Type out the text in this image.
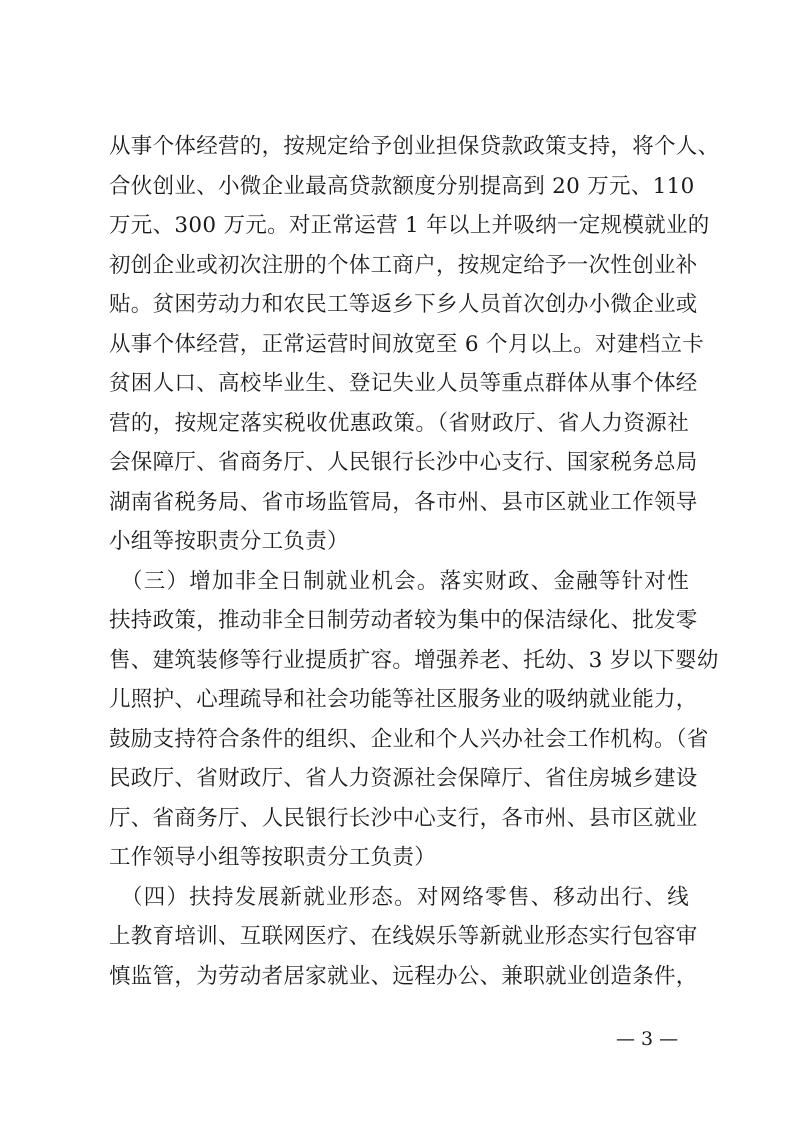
从事个体经营的，按规定给予创业担保贷款政策支持，将个人、
合伙创业、小微企业最高贷款额度分别提高到 20 万元、110
万元、300 万元。对正常运营 1 年以上并吸纳一定规模就业的
初创企业或初次注册的个体工商户，按规定给予一次性创业补
贴。贫困劳动力和农民工等返乡下乡人员首次创办小微企业或
从事个体经营，正常运营时间放宽至 6 个月以上。对建档立卡
贫困人口、高校毕业生、登记失业人员等重点群体从事个体经
营的，按规定落实税收优惠政策。（省财政厅、省人力资源社
会保障厅、省商务厅、人民银行长沙中心支行、国家税务总局
湖南省税务局、省市场监管局，各市州、县市区就业工作领导
小组等按职责分工负责）
　（三）增加非全日制就业机会。落实财政、金融等针对性
扶持政策，推动非全日制劳动者较为集中的保洁绿化、批发零
售、建筑装修等行业提质扩容。增强养老、托幼、3 岁以下婴幼
儿照护、心理疏导和社会功能等社区服务业的吸纳就业能力，
鼓励支持符合条件的组织、企业和个人兴办社会工作机构。（省
民政厅、省财政厅、省人力资源社会保障厅、省住房城乡建设
厅、省商务厅、人民银行长沙中心支行，各市州、县市区就业
工作领导小组等按职责分工负责）
　（四）扶持发展新就业形态。对网络零售、移动出行、线
上教育培训、互联网医疗、在线娱乐等新就业形态实行包容审
慎监管，为劳动者居家就业、远程办公、兼职就业创造条件，
— 3 —
